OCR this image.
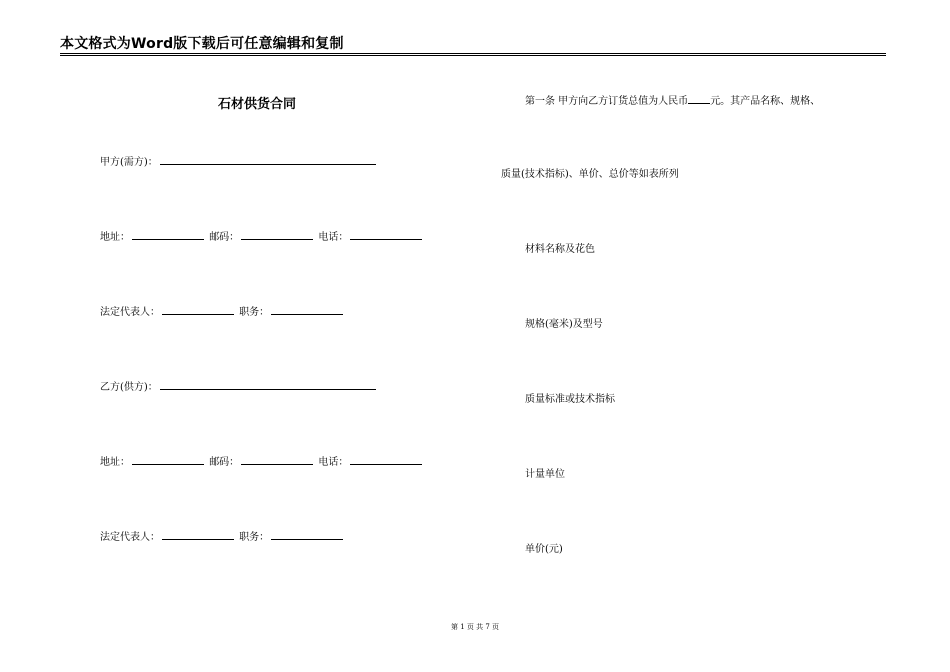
本文格式为Word版下载后可任意编辑和复制
石材供货合同
甲方(需方)：
地址：	邮码：	电话：
法定代表人：	职务：
乙方(供方)：
地址：	邮码：	电话：
法定代表人：	职务：
第一条 甲方向乙方订货总值为人民币 元。其产品名称、规格、
质量(技术指标)、单价、总价等如表所列
材料名称及花色
规格(毫米)及型号
质量标准或技术指标
计量单位
单价(元)
第 1 页 共 7 页
